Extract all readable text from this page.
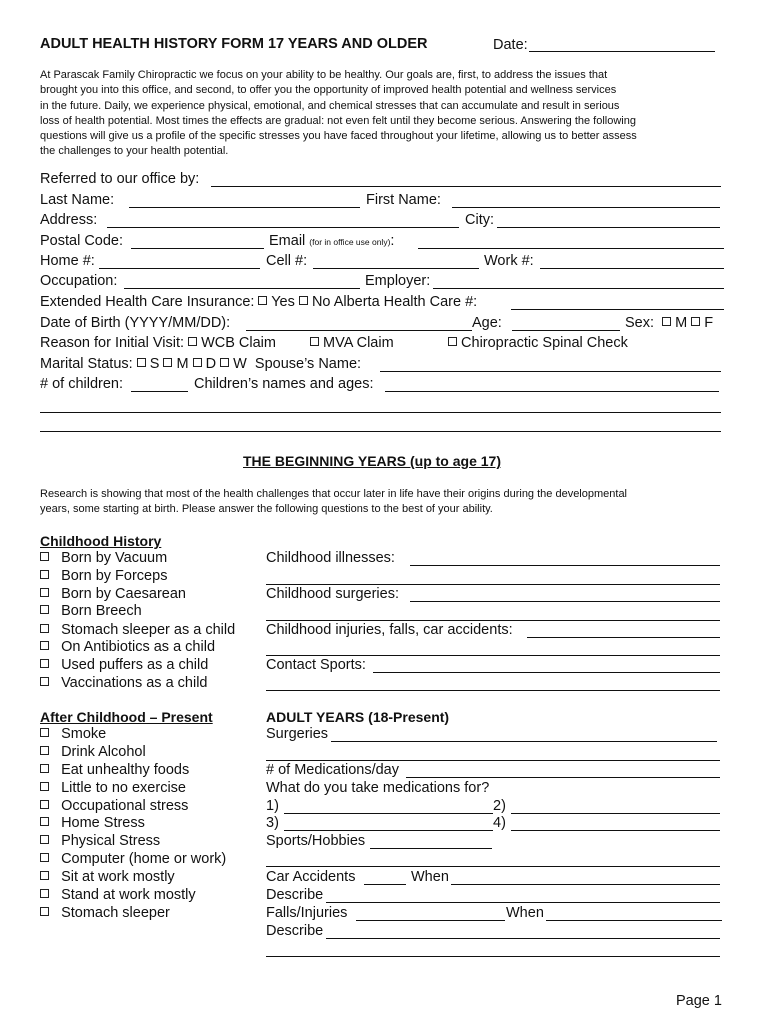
ADULT HEALTH HISTORY FORM 17 YEARS AND OLDER	Date:
At Parascak Family Chiropractic we focus on your ability to be healthy. Our goals are, first, to address the issues that
brought you into this office, and second, to offer you the opportunity of improved health potential and wellness services
in the future. Daily, we experience physical, emotional, and chemical stresses that can accumulate and result in serious
loss of health potential. Most times the effects are gradual: not even felt until they become serious. Answering the following
questions will give us a profile of the specific stresses you have faced throughout your lifetime, allowing us to better assess
the challenges to your health potential.
Referred to our office by:
Last Name:	First Name:
Address:	City:
Postal Code:	Email (for in office use only):
Home #:	Cell #:	Work #:
Occupation:	Employer:
Extended Health Care Insurance: Yes No Alberta Health Care #:
Date of Birth (YYYY/MM/DD):	Age:	Sex: M F
Reason for Initial Visit: WCB Claim	MVA Claim	Chiropractic Spinal Check
Marital Status: S M D W Spouse’s Name:
# of children:	Children’s names and ages:
THE BEGINNING YEARS (up to age 17)
Research is showing that most of the health challenges that occur later in life have their origins during the developmental
years, some starting at birth. Please answer the following questions to the best of your ability.
Childhood History
Born by Vacuum
Born by Forceps
Born by Caesarean
Born Breech
Stomach sleeper as a child
On Antibiotics as a child
Used puffers as a child
Vaccinations as a child
Childhood illnesses:
Childhood surgeries:
Childhood injuries, falls, car accidents:
Contact Sports:
After Childhood – Present
Smoke
Drink Alcohol
Eat unhealthy foods
Little to no exercise
Occupational stress
Home Stress
Physical Stress
Computer (home or work)
Sit at work mostly
Stand at work mostly
Stomach sleeper
ADULT YEARS (18-Present)
Surgeries
# of Medications/day
What do you take medications for?
1)	2)
3)	4)
Sports/Hobbies
Car Accidents	When
Describe
Falls/Injuries	When
Describe
Page 1
